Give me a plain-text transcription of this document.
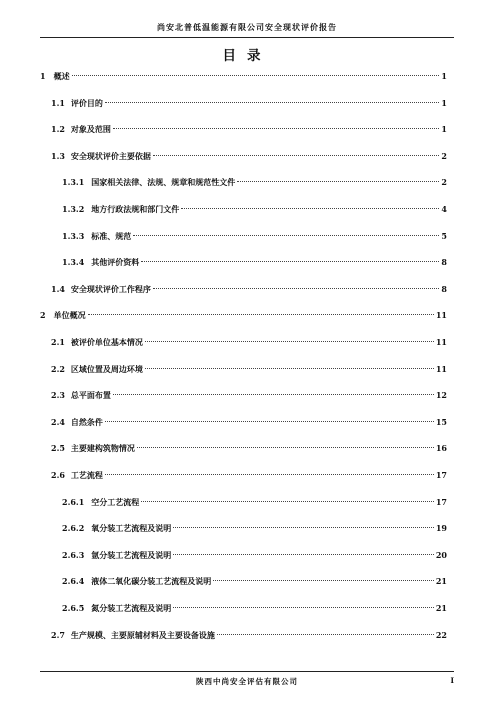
尚安北普低温能源有限公司安全现状评价报告
目录
1 概述	1
1.1 评价目的	1
1.2 对象及范围	1
1.3 安全现状评价主要依据	2
1.3.1 国家相关法律、法规、规章和规范性文件	2
1.3.2 地方行政法规和部门文件	4
1.3.3 标准、规范	5
1.3.4 其他评价资料	8
1.4 安全现状评价工作程序	8
2 单位概况	11
2.1 被评价单位基本情况	11
2.2 区域位置及周边环境	11
2.3 总平面布置	12
2.4 自然条件	15
2.5 主要建构筑物情况	16
2.6 工艺流程	17
2.6.1 空分工艺流程	17
2.6.2 氧分装工艺流程及说明	19
2.6.3 氩分装工艺流程及说明	20
2.6.4 液体二氧化碳分装工艺流程及说明	21
2.6.5 氮分装工艺流程及说明	21
2.7 生产规模、主要原辅材料及主要设备设施	22
陕西中尚安全评估有限公司	I
